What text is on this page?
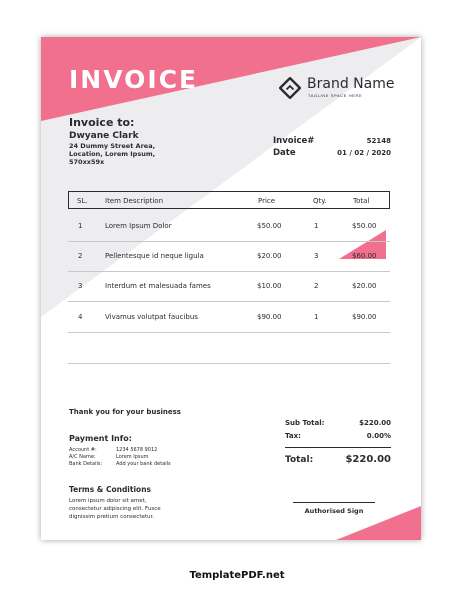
INVOICE	Brand Name
TAGLINE SPACE HERE
Invoice to:
Dwyane Clark
24 Dummy Street Area,
Location, Lorem Ipsum,
570xx59x
Invoice#	52148
Date	01 / 02 / 2020
SL. Item Description	Price	Qty.	Total
1	Lorem Ipsum Dolor	$50.00	1	$50.00
2	Pellentesque id neque ligula	$20.00	3	$60.00
3	Interdum et malesuada fames	$10.00	2	$20.00
4	Vivamus volutpat faucibus	$90.00	1	$90.00
Thank you for your business
Payment Info:
Account #:	1234 5678 9012
A/C Name:	Lorem Ipsum
Bank Details:	Add your bank details
Terms & Conditions
Lorem ipsum dolor sit amet,
consectetur adipiscing elit. Fusce
dignissim pretium consectetur.
Sub Total:	$220.00
Tax:	0.00%
Total:	$220.00
Authorised Sign
TemplatePDF.net
